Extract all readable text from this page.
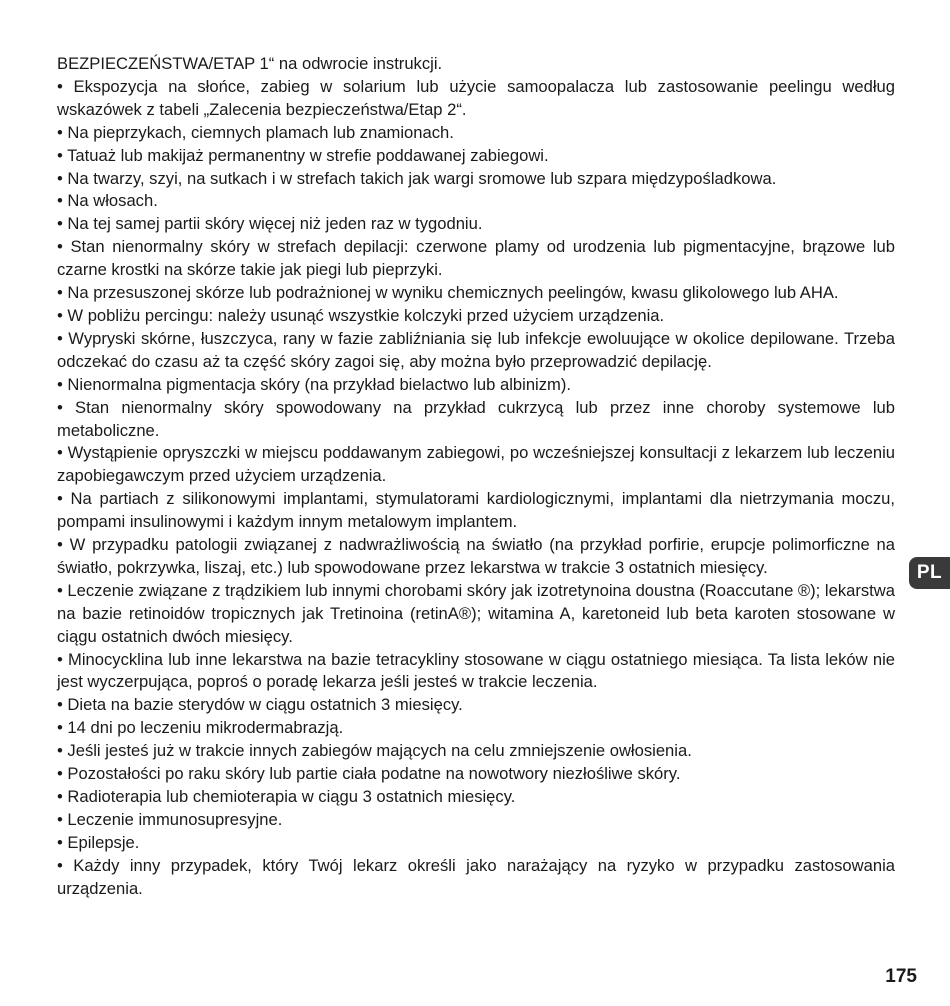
BEZPIECZEŃSTWA/ETAP 1“ na odwrocie instrukcji.

• Ekspozycja na słońce, zabieg w solarium lub użycie samoopalacza lub zastosowanie peelingu według wskazówek z tabeli „Zalecenia bezpieczeństwa/Etap 2“.

• Na pieprzykach, ciemnych plamach lub znamionach.

• Tatuaż lub makijaż permanentny w strefie poddawanej zabiegowi.

• Na twarzy, szyi, na sutkach i w strefach takich jak wargi sromowe lub szpara międzypośladkowa.

• Na włosach.

• Na tej samej partii skóry więcej niż jeden raz w tygodniu.

• Stan nienormalny skóry w strefach depilacji: czerwone plamy od urodzenia lub pigmentacyjne, brązowe lub czarne krostki na skórze takie jak piegi lub pieprzyki.

• Na przesuszonej skórze lub podrażnionej w wyniku chemicznych peelingów, kwasu glikolowego lub AHA.

• W pobliżu percingu: należy usunąć wszystkie kolczyki przed użyciem urządzenia.

• Wypryski skórne, łuszczyca, rany w fazie zabliźniania się lub infekcje ewoluujące w okolice depilowane. Trzeba odczekać do czasu aż ta część skóry zagoi się, aby można było przeprowadzić depilację.

• Nienormalna pigmentacja skóry (na przykład bielactwo lub albinizm).

• Stan nienormalny skóry spowodowany na przykład cukrzycą lub przez inne choroby systemowe lub metaboliczne.

• Wystąpienie opryszczki w miejscu poddawanym zabiegowi, po wcześniejszej konsultacji z lekarzem lub leczeniu zapobiegawczym przed użyciem urządzenia.

• Na partiach z silikonowymi implantami, stymulatorami kardiologicznymi, implantami dla nietrzymania moczu, pompami insulinowymi i każdym innym metalowym implantem.

• W przypadku patologii związanej z nadwrażliwością na światło (na przykład porfirie, erupcje polimorficzne na światło, pokrzywka, liszaj, etc.) lub spowodowane przez lekarstwa w trakcie 3 ostatnich miesięcy.

• Leczenie związane z trądzikiem lub innymi chorobami skóry jak izotretynoina doustna (Roaccutane ®); lekarstwa na bazie retinoidów tropicznych jak Tretinoina (retinA®); witamina A, karetoneid lub beta karoten stosowane w ciągu ostatnich dwóch miesięcy.

• Minocycklina lub inne lekarstwa na bazie tetracykliny stosowane w ciągu ostatniego miesiąca. Ta lista leków nie jest wyczerpująca, poproś o poradę lekarza jeśli jesteś w trakcie leczenia.

• Dieta na bazie sterydów w ciągu ostatnich 3 miesięcy.

• 14 dni po leczeniu mikrodermabrazją.

• Jeśli jesteś już w trakcie innych zabiegów mających na celu zmniejszenie owłosienia.

• Pozostałości po raku skóry lub partie ciała podatne na nowotwory niezłośliwe skóry.

• Radioterapia lub chemioterapia w ciągu 3 ostatnich miesięcy.

• Leczenie immunosupresyjne.

• Epilepsje.

• Każdy inny przypadek, który Twój lekarz określi jako narażający na ryzyko w przypadku zastosowania urządzenia.

PL
175
